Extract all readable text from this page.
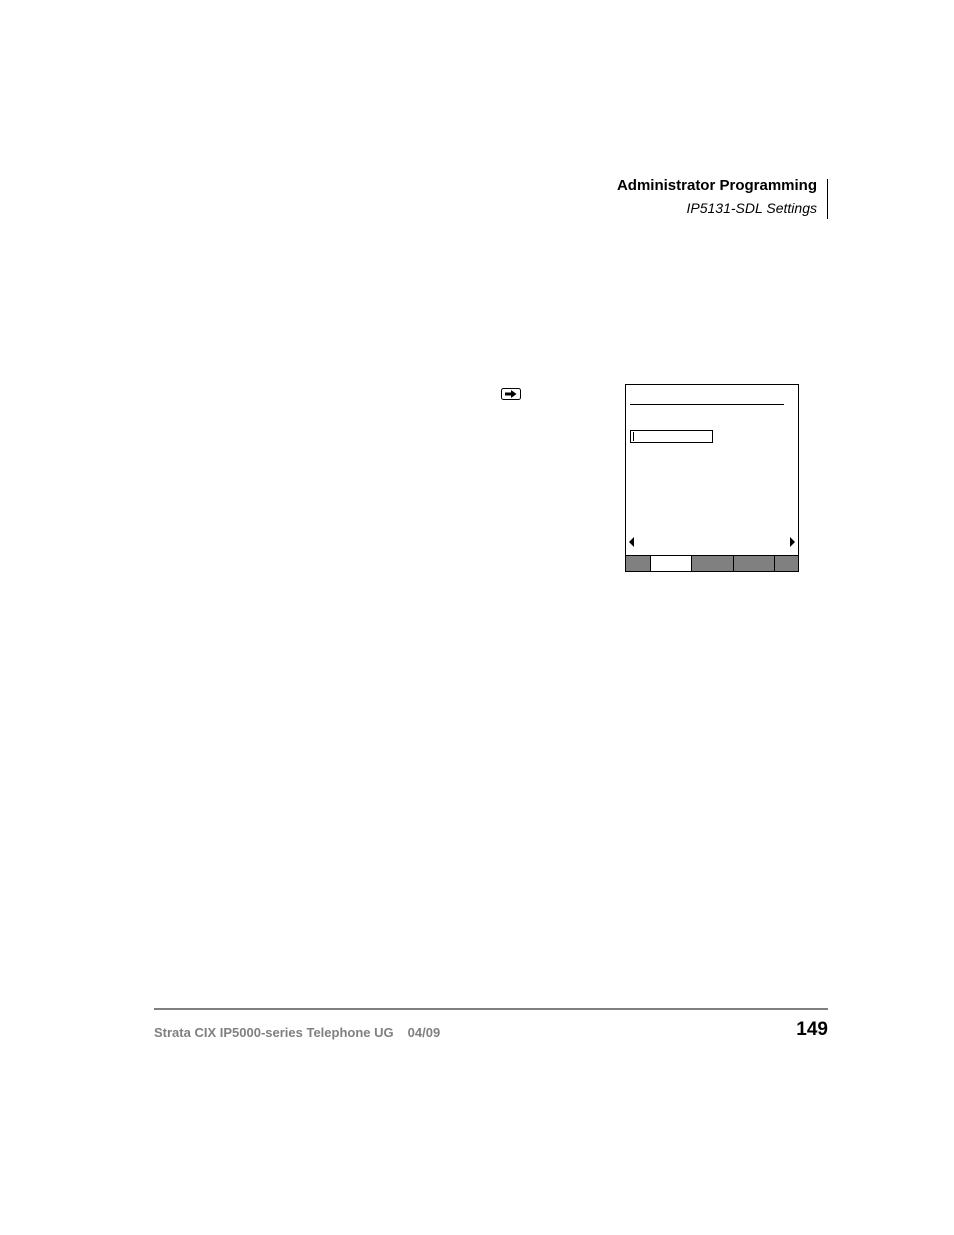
Administrator Programming
IP5131-SDL Settings
Strata CIX IP5000-series Telephone UG 04/09	149
